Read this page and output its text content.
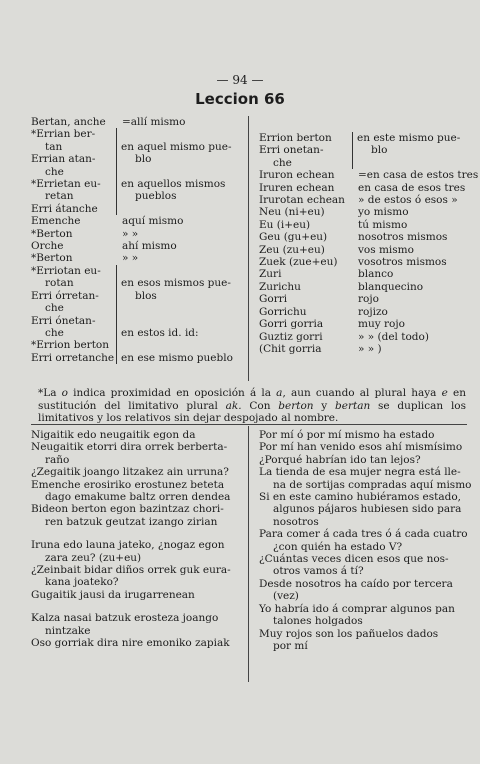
— 94 —
Leccion 66
Bertan, anche
*Errian ber-
tan
Errian atan-
che
*Errietan eu-
retan
Erri átanche
Emenche
*Berton
Orche
*Berton
*Erriotan eu-
rotan
Erri órretan-
che
Erri ónetan-
che
*Errion berton
Erri orretanche
=allí mismo

en aquel mismo pue-
blo

en aquellos mismos
pueblos

aquí mismo
» »
ahí mismo
» »

en esos mismos pue-
blos

en estos id. id:

en ese mismo pueblo
Errion berton
Erri onetan-
che
Iruron echean
Iruren echean
Irurotan echean
Neu (ni+eu)
Eu (i+eu)
Geu (gu+eu)
Zeu (zu+eu)
Zuek (zue+eu)
Zuri
Zurichu
Gorri
Gorrichu
Gorri gorria
Guztiz gorri
(Chit gorria
en este mismo pue-
blo

=en casa de estos tres
en casa de esos tres
» de estos ó esos »
yo mismo
tú mismo
nosotros mismos
vos mismo
vosotros mismos
blanco
blanquecino
rojo
rojizo
muy rojo
» » (del todo)
» » )
*La o indica proximidad en oposición á la a, aun cuando al plural haya e en sustitución del limitativo plural ak. Con berton y bertan se duplican los limitativos y los relativos sin dejar despojado al nombre.
Nigaitik edo neugaitik egon da
Neugaitik etorri dira orrek berberta-
raño
¿Zegaitik joango litzakez ain urruna?
Emenche erosiriko erostunez beteta
dago emakume baltz orren dendea
Bideon berton egon bazintzaz chori-
ren batzuk geutzat izango zirian
Iruna edo launa jateko, ¿nogaz egon
zara zeu? (zu+eu)
¿Zeinbait bidar diños orrek guk eura-
kana joateko?
Gugaitik jausi da irugarrenean
Kalza nasai batzuk erosteza joango
nintzake
Oso gorriak dira nire emoniko zapiak
Por mí ó por mí mismo ha estado
Por mí han venido esos ahí mismísimo
¿Porqué habrían ido tan lejos?
La tienda de esa mujer negra está lle-
na de sortijas compradas aquí mismo
Si en este camino hubiéramos estado,
algunos pájaros hubiesen sido para
nosotros
Para comer á cada tres ó á cada cuatro
¿con quién ha estado V?
¿Cuántas veces dicen esos que nos-
otros vamos á tí?
Desde nosotros ha caído por tercera
(vez)
Yo habría ido á comprar algunos pan
talones holgados
Muy rojos son los pañuelos dados
por mí
